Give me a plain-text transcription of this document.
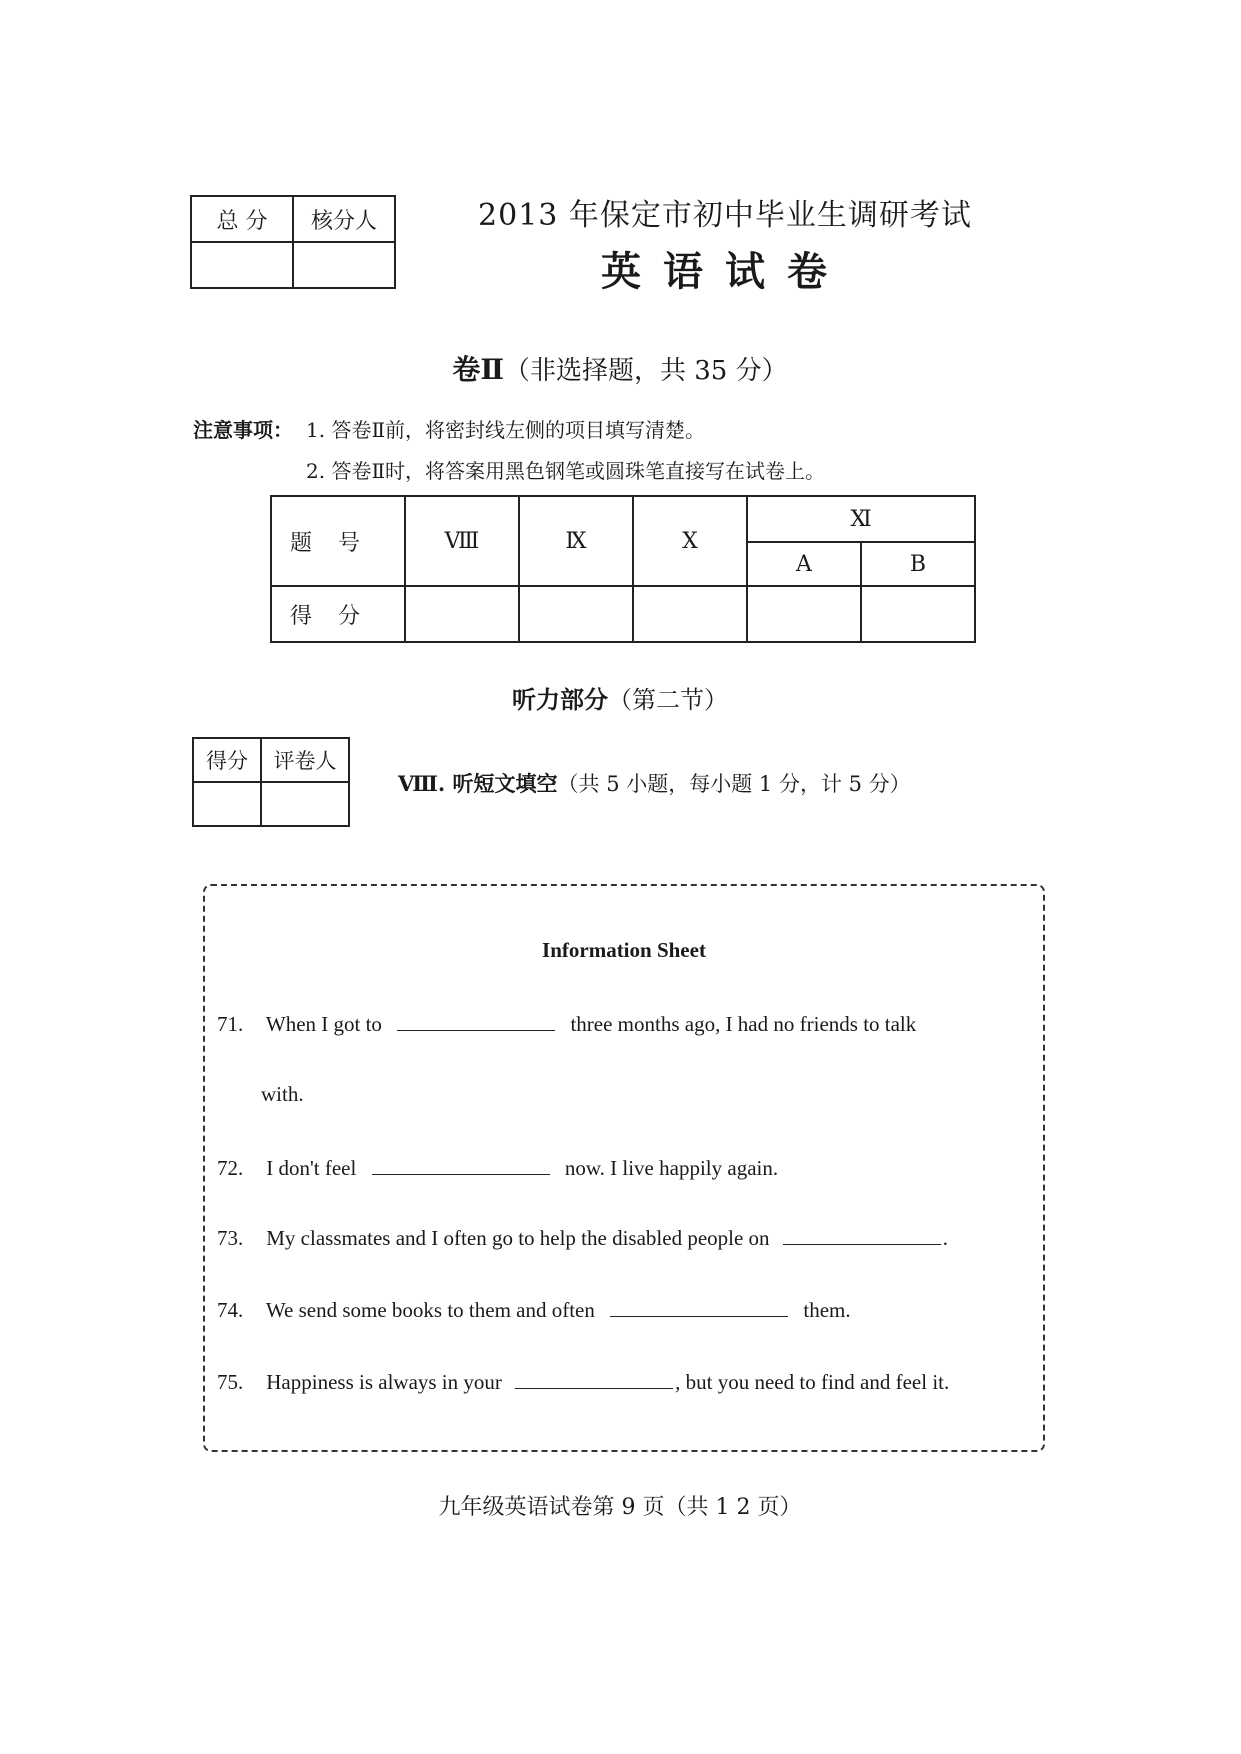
总 分	核分人
		2013 年保定市初中毕业生调研考试
英语试卷
卷Ⅱ（非选择题，共 35 分）
注意事项： 1. 答卷Ⅱ前，将密封线左侧的项目填写清楚。
2. 答卷Ⅱ时，将答案用黑色钢笔或圆珠笔直接写在试卷上。
题号	Ⅷ	Ⅸ	Ⅹ	Ⅺ	
				A	B
得分					
听力部分（第二节）
得分	评卷人

Ⅷ. 听短文填空（共 5 小题，每小题 1 分，计 5 分）
Information Sheet
71. When I got to	three months ago, I had no friends to talk
with.
72. I don't feel	now. I live happily again.
73. My classmates and I often go to help the disabled people on	.
74. We send some books to them and often	them.
75. Happiness is always in your	, but you need to find and feel it.
九年级英语试卷第 9 页（共 1 2 页）
